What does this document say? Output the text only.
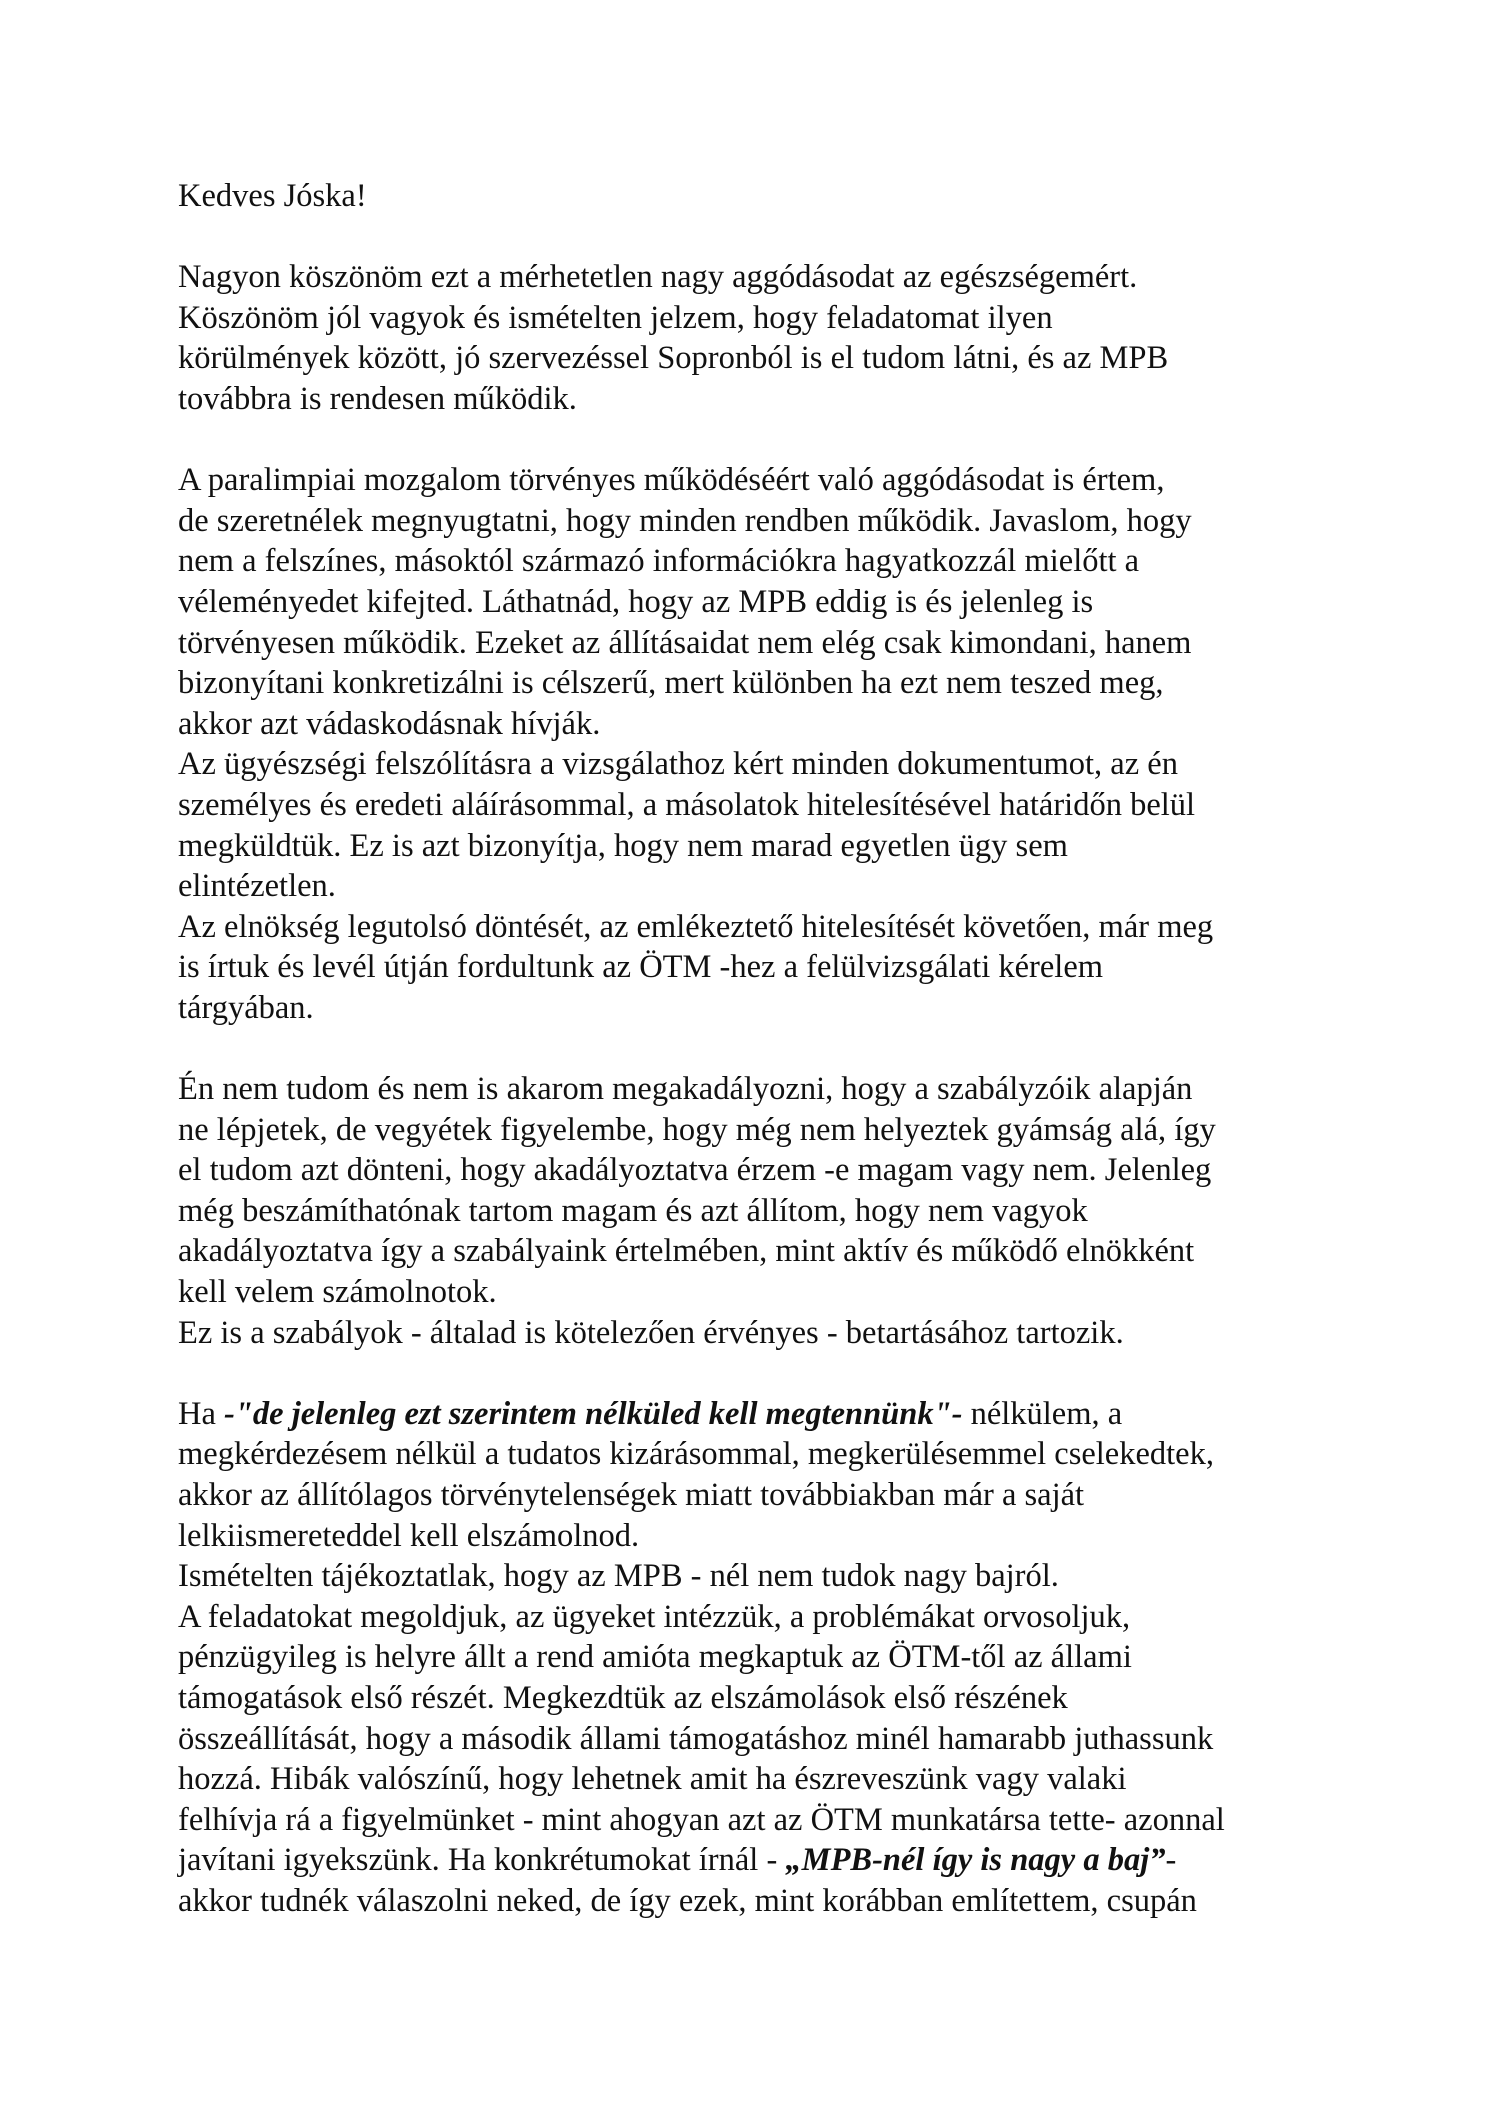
Kedves Jóska!
Nagyon köszönöm ezt a mérhetetlen nagy aggódásodat az egészségemért.
Köszönöm jól vagyok és ismételten jelzem, hogy feladatomat ilyen
körülmények között, jó szervezéssel Sopronból is el tudom látni, és az MPB
továbbra is rendesen működik.
A paralimpiai mozgalom törvényes működéséért való aggódásodat is értem,
de szeretnélek megnyugtatni, hogy minden rendben működik. Javaslom, hogy
nem a felszínes, másoktól származó információkra hagyatkozzál mielőtt a
véleményedet kifejted. Láthatnád, hogy az MPB eddig is és jelenleg is
törvényesen működik. Ezeket az állításaidat nem elég csak kimondani, hanem
bizonyítani konkretizálni is célszerű, mert különben ha ezt nem teszed meg,
akkor azt vádaskodásnak hívják.
Az ügyészségi felszólításra a vizsgálathoz kért minden dokumentumot, az én
személyes és eredeti aláírásommal, a másolatok hitelesítésével határidőn belül
megküldtük. Ez is azt bizonyítja, hogy nem marad egyetlen ügy sem
elintézetlen.
Az elnökség legutolsó döntését, az emlékeztető hitelesítését követően, már meg
is írtuk és levél útján fordultunk az ÖTM -hez a felülvizsgálati kérelem
tárgyában.
Én nem tudom és nem is akarom megakadályozni, hogy a szabályzóik alapján
ne lépjetek, de vegyétek figyelembe, hogy még nem helyeztek gyámság alá, így
el tudom azt dönteni, hogy akadályoztatva érzem -e magam vagy nem. Jelenleg
még beszámíthatónak tartom magam és azt állítom, hogy nem vagyok
akadályoztatva így a szabályaink értelmében, mint aktív és működő elnökként
kell velem számolnotok.
Ez is a szabályok - általad is kötelezően érvényes - betartásához tartozik.
Ha -"de jelenleg ezt szerintem nélküled kell megtennünk"- nélkülem, a
megkérdezésem nélkül a tudatos kizárásommal, megkerülésemmel cselekedtek,
akkor az állítólagos törvénytelenségek miatt továbbiakban már a saját
lelkiismereteddel kell elszámolnod.
Ismételten tájékoztatlak, hogy az MPB - nél nem tudok nagy bajról.
A feladatokat megoldjuk, az ügyeket intézzük, a problémákat orvosoljuk,
pénzügyileg is helyre állt a rend amióta megkaptuk az ÖTM-től az állami
támogatások első részét. Megkezdtük az elszámolások első részének
összeállítását, hogy a második állami támogatáshoz minél hamarabb juthassunk
hozzá. Hibák valószínű, hogy lehetnek amit ha észreveszünk vagy valaki
felhívja rá a figyelmünket - mint ahogyan azt az ÖTM munkatársa tette- azonnal
javítani igyekszünk. Ha konkrétumokat írnál - „MPB-nél így is nagy a baj”-
akkor tudnék válaszolni neked, de így ezek, mint korábban említettem, csupán
